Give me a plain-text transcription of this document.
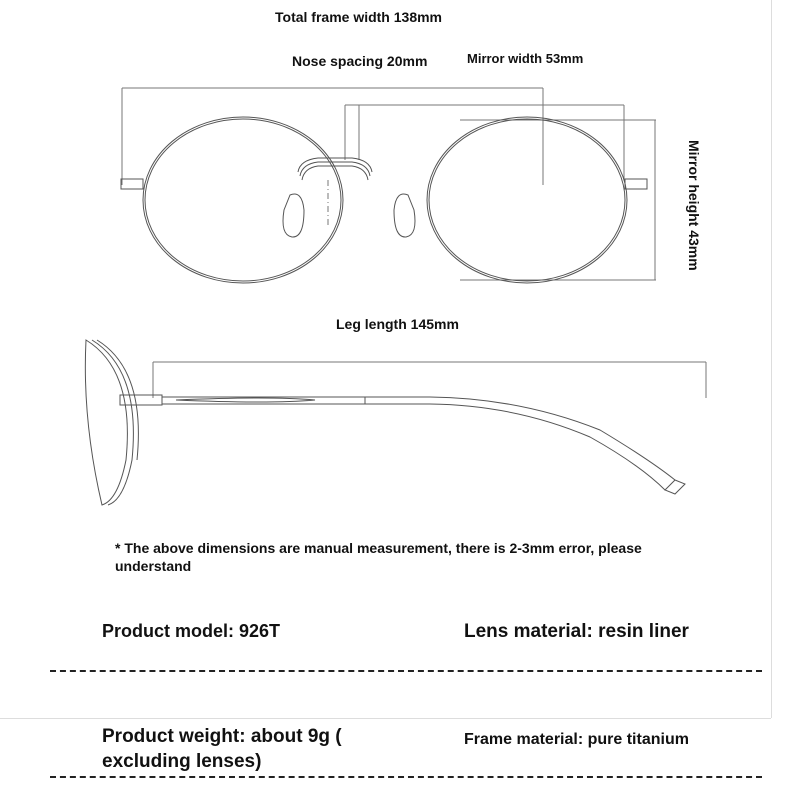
Total frame width 138mm
Nose spacing 20mm	Mirror width 53mm
Mirror height 43mm
Leg length 145mm
* The above dimensions are manual measurement, there is 2-3mm error, please understand
Product model: 926T	Lens material: resin liner
Product weight: about 9g ( excluding lenses)
Frame material: pure titanium
